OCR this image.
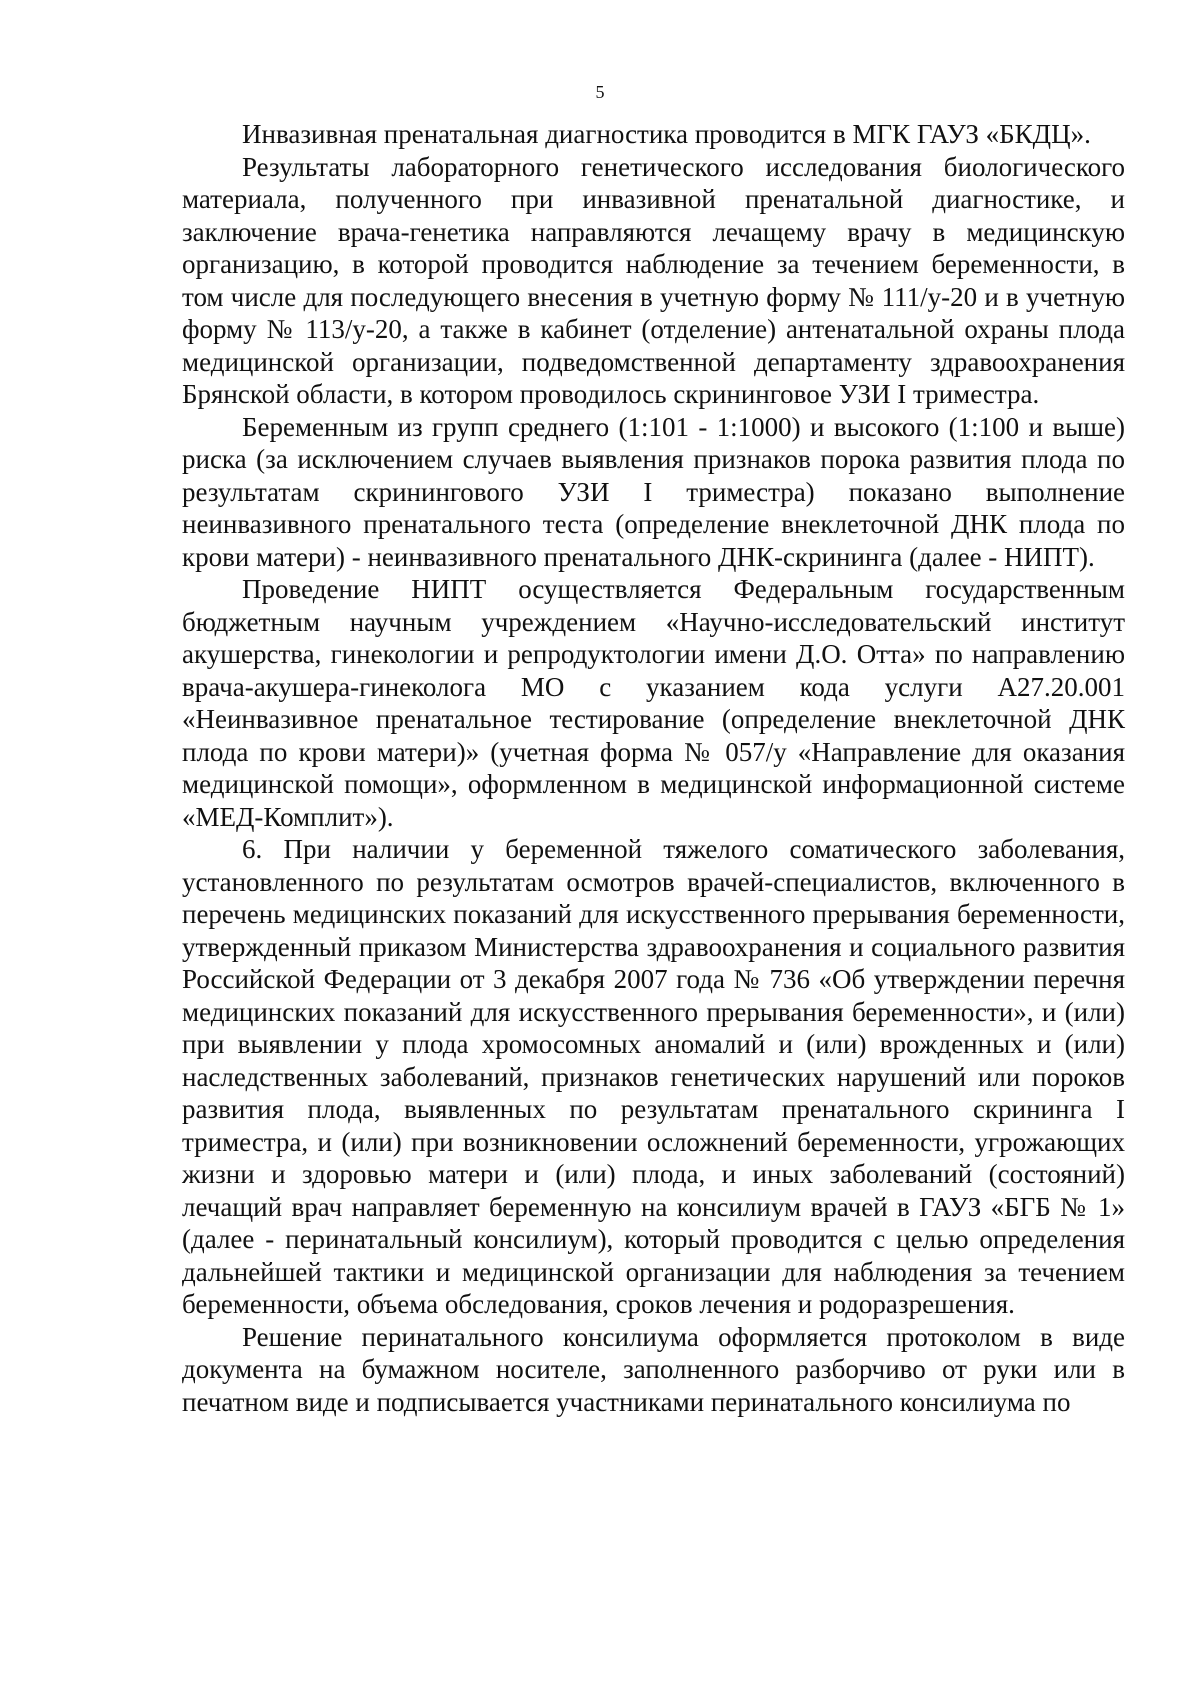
5

Инвазивная пренатальная диагностика проводится в МГК ГАУЗ «БКДЦ».

Результаты лабораторного генетического исследования биологического материала, полученного при инвазивной пренатальной диагностике, и заключение врача-генетика направляются лечащему врачу в медицинскую организацию, в которой проводится наблюдение за течением беременности, в том числе для последующего внесения в учетную форму № 111/у-20 и в учетную форму № 113/у-20, а также в кабинет (отделение) антенатальной охраны плода медицинской организации, подведомственной департаменту здравоохранения Брянской области, в котором проводилось скрининговое УЗИ I триместра.

Беременным из групп среднего (1:101 - 1:1000) и высокого (1:100 и выше) риска (за исключением случаев выявления признаков порока развития плода по результатам скринингового УЗИ I триместра) показано выполнение неинвазивного пренатального теста (определение внеклеточной ДНК плода по крови матери) - неинвазивного пренатального ДНК-скрининга (далее - НИПТ).

Проведение НИПТ осуществляется Федеральным государственным бюджетным научным учреждением «Научно-исследовательский институт акушерства, гинекологии и репродуктологии имени Д.О. Отта» по направлению врача-акушера-гинеколога МО с указанием кода услуги A27.20.001 «Неинвазивное пренатальное тестирование (определение внеклеточной ДНК плода по крови матери)» (учетная форма № 057/у «Направление для оказания медицинской помощи», оформленном в медицинской информационной системе «МЕД-Комплит»).

6. При наличии у беременной тяжелого соматического заболевания, установленного по результатам осмотров врачей-специалистов, включенного в перечень медицинских показаний для искусственного прерывания беременности, утвержденный приказом Министерства здравоохранения и социального развития Российской Федерации от 3 декабря 2007 года № 736 «Об утверждении перечня медицинских показаний для искусственного прерывания беременности», и (или) при выявлении у плода хромосомных аномалий и (или) врожденных и (или) наследственных заболеваний, признаков генетических нарушений или пороков развития плода, выявленных по результатам пренатального скрининга I триместра, и (или) при возникновении осложнений беременности, угрожающих жизни и здоровью матери и (или) плода, и иных заболеваний (состояний) лечащий врач направляет беременную на консилиум врачей в ГАУЗ «БГБ № 1» (далее - перинатальный консилиум), который проводится с целью определения дальнейшей тактики и медицинской организации для наблюдения за течением беременности, объема обследования, сроков лечения и родоразрешения.

Решение перинатального консилиума оформляется протоколом в виде документа на бумажном носителе, заполненного разборчиво от руки или в печатном виде и подписывается участниками перинатального консилиума по
